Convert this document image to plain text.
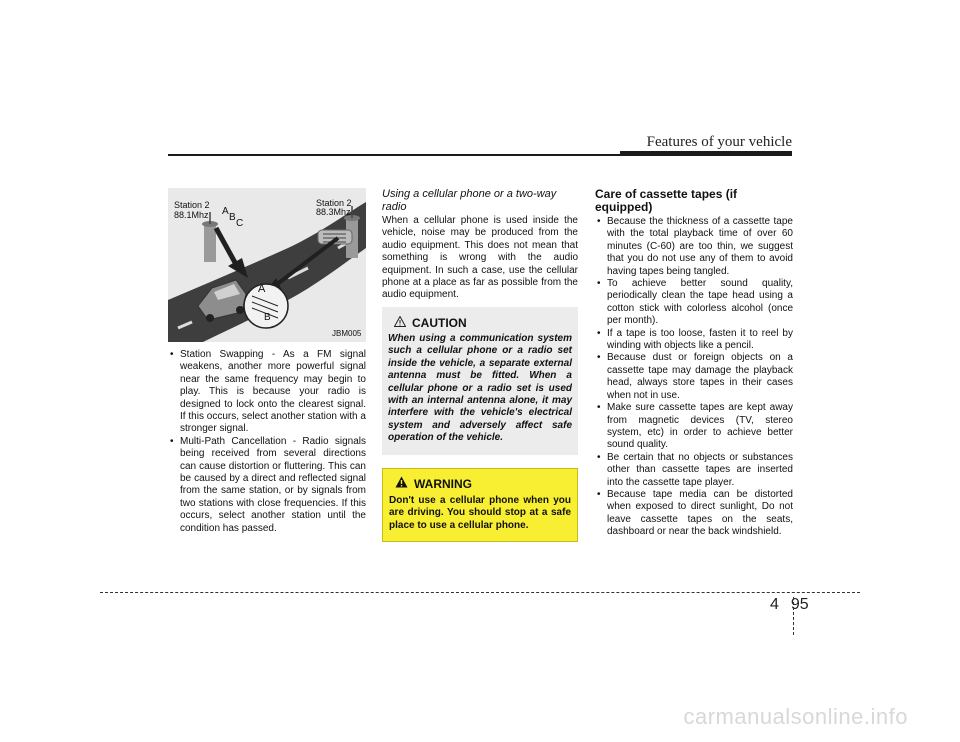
Features of your vehicle
A
B
Station 2
88.1Mhz A
B
C
Station 2
88.3Mhz
JBM005
• Station Swapping - As a FM signal weakens, another more powerful signal near the same frequency may begin to play. This is because your radio is designed to lock onto the clearest signal. If this occurs, select another station with a stronger signal.
• Multi-Path Cancellation - Radio signals being received from several directions can cause distortion or fluttering. This can be caused by a direct and reflected signal from the same station, or by signals from two stations with close frequencies. If this occurs, select another station until the condition has passed.

Using a cellular phone or a two-way radio

When a cellular phone is used inside the vehicle, noise may be produced from the audio equipment. This does not mean that something is wrong with the audio equipment. In such a case, use the cellular phone at a place as far as possible from the audio equipment.

CAUTION
When using a communication system such a cellular phone or a radio set inside the vehicle, a separate external antenna must be fitted. When a cellular phone or a radio set is used with an internal antenna alone, it may interfere with the vehicle's electrical system and adversely affect safe operation of the vehicle.
WARNING
Don't use a cellular phone when you are driving. You should stop at a safe place to use a cellular phone.

Care of cassette tapes (if equipped)

• Because the thickness of a cassette tape with the total playback time of over 60 minutes (C-60) are too thin, we suggest that you do not use any of them to avoid having tapes being tangled.
• To achieve better sound quality, periodically clean the tape head using a cotton stick with colorless alcohol (once per month).
• If a tape is too loose, fasten it to reel by winding with objects like a pencil.
• Because dust or foreign objects on a cassette tape may damage the playback head, always store tapes in their cases when not in use.
• Make sure cassette tapes are kept away from magnetic devices (TV, stereo system, etc) in order to achieve better sound quality.
• Be certain that no objects or substances other than cassette tapes are inserted into the cassette tape player.
• Because tape media can be distorted when exposed to direct sunlight, Do not leave cassette tapes on the seats, dashboard or near the back windshield.
4 95
carmanualsonline.info
